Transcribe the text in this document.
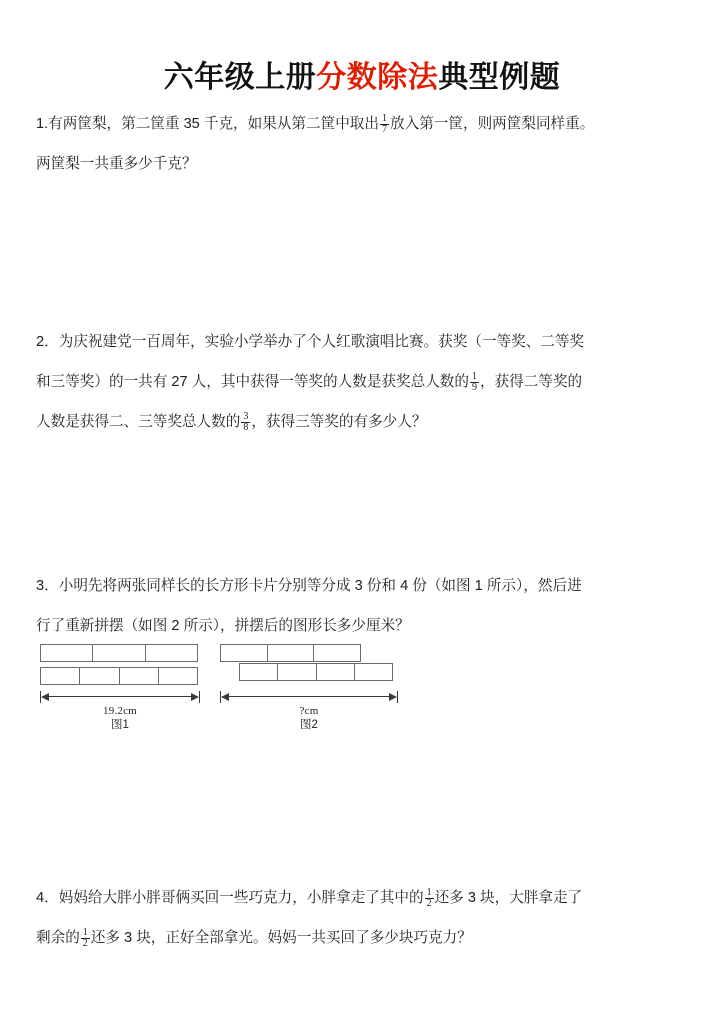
六年级上册分数除法典型例题

1.有两筐梨，第二筐重 35 千克，如果从第二筐中取出 $\frac{1}{7}$ 放入第一筐，则两筐梨同样重。

两筐梨一共重多少千克？

2．为庆祝建党一百周年，实验小学举办了个人红歌演唱比赛。获奖（一等奖、二等奖

和三等奖）的一共有 27 人，其中获得一等奖的人数是获奖总人数的 $\frac{1}{9}$ ，获得二等奖的

人数是获得二、三等奖总人数的 $\frac{3}{8}$ ，获得三等奖的有多少人？

3．小明先将两张同样长的长方形卡片分别等分成 3 份和 4 份（如图 1 所示），然后进

行了重新拼摆（如图 2 所示），拼摆后的图形长多少厘米？

19.2cm
图1
?cm
图2

4．妈妈给大胖小胖哥俩买回一些巧克力，小胖拿走了其中的 $\frac{1}{2}$ 还多 3 块，大胖拿走了

剩余的 $\frac{1}{2}$ 还多 3 块，正好全部拿光。妈妈一共买回了多少块巧克力？
